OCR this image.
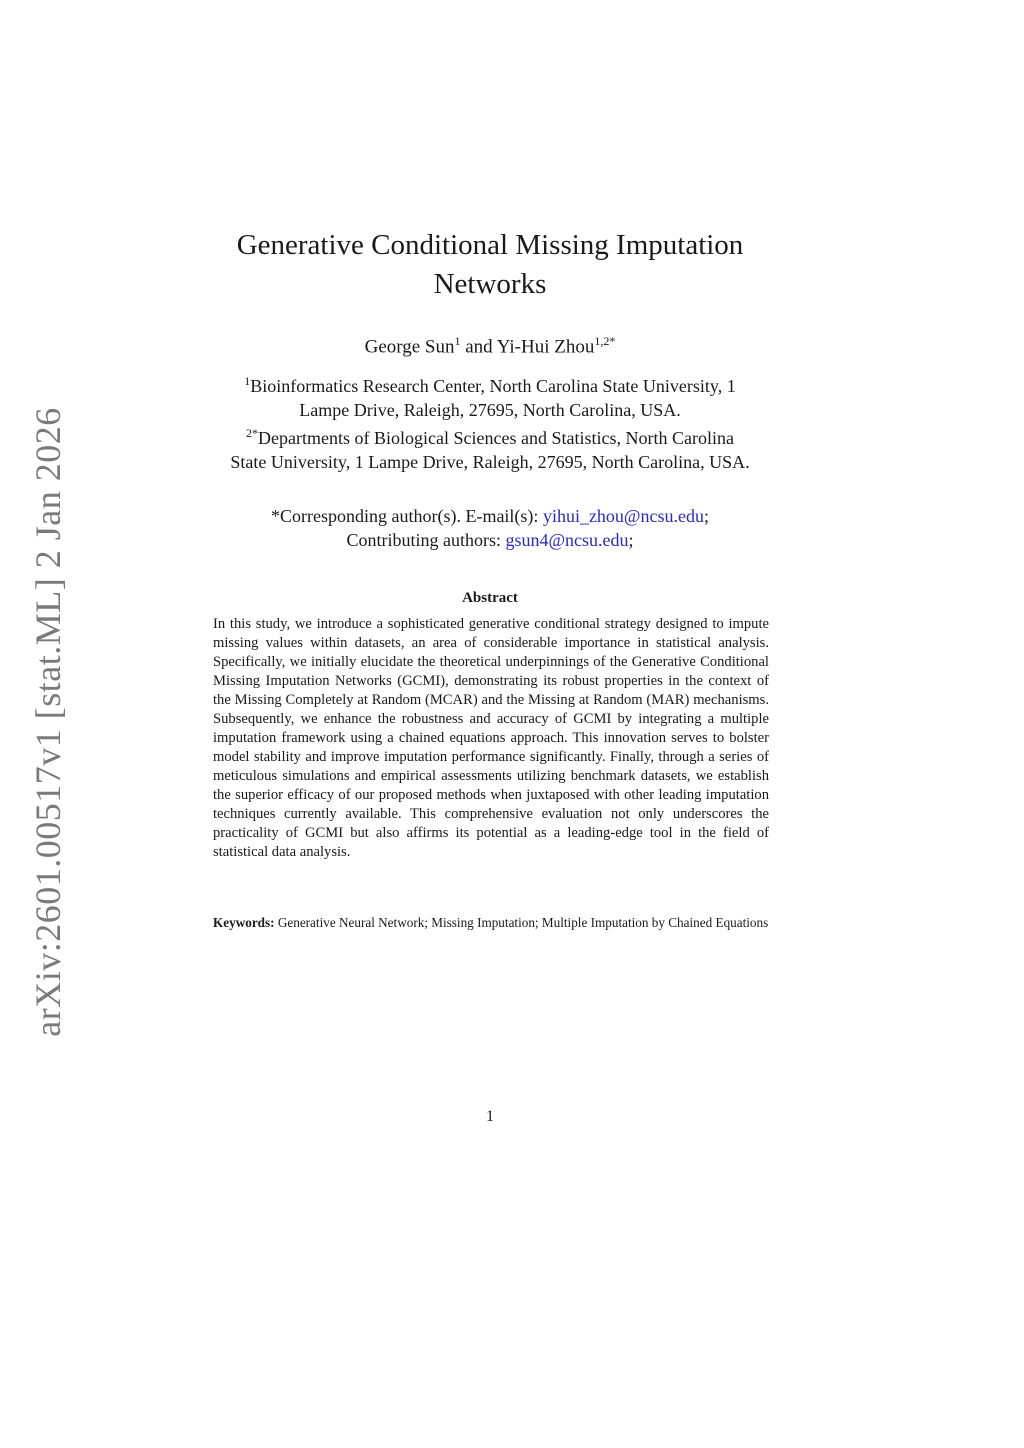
arXiv:2601.00517v1 [stat.ML] 2 Jan 2026
Generative Conditional Missing Imputation Networks
George Sun$^1$ and Yi-Hui Zhou$^{1,2*}$
$^1$Bioinformatics Research Center, North Carolina State University, 1
Lampe Drive, Raleigh, 27695, North Carolina, USA.
$^{2*}$Departments of Biological Sciences and Statistics, North Carolina
State University, 1 Lampe Drive, Raleigh, 27695, North Carolina, USA.
*Corresponding author(s). E-mail(s): yihui_zhou@ncsu.edu;
Contributing authors: gsun4@ncsu.edu;
Abstract

In this study, we introduce a sophisticated generative conditional strategy designed to impute missing values within datasets, an area of considerable importance in statistical analysis. Specifically, we initially elucidate the theoretical underpinnings of the Generative Conditional Missing Imputation Networks (GCMI), demonstrating its robust properties in the context of the Missing Completely at Random (MCAR) and the Missing at Random (MAR) mechanisms. Subsequently, we enhance the robustness and accuracy of GCMI by integrating a multiple imputation framework using a chained equations approach. This innovation serves to bolster model stability and improve imputation performance significantly. Finally, through a series of meticulous simulations and empirical assessments utilizing benchmark datasets, we establish the superior efficacy of our proposed methods when juxtaposed with other leading imputation techniques currently available. This comprehensive evaluation not only underscores the practicality of GCMI but also affirms its potential as a leading-edge tool in the field of statistical data analysis.

Keywords: Generative Neural Network; Missing Imputation; Multiple Imputation by Chained Equations

1
